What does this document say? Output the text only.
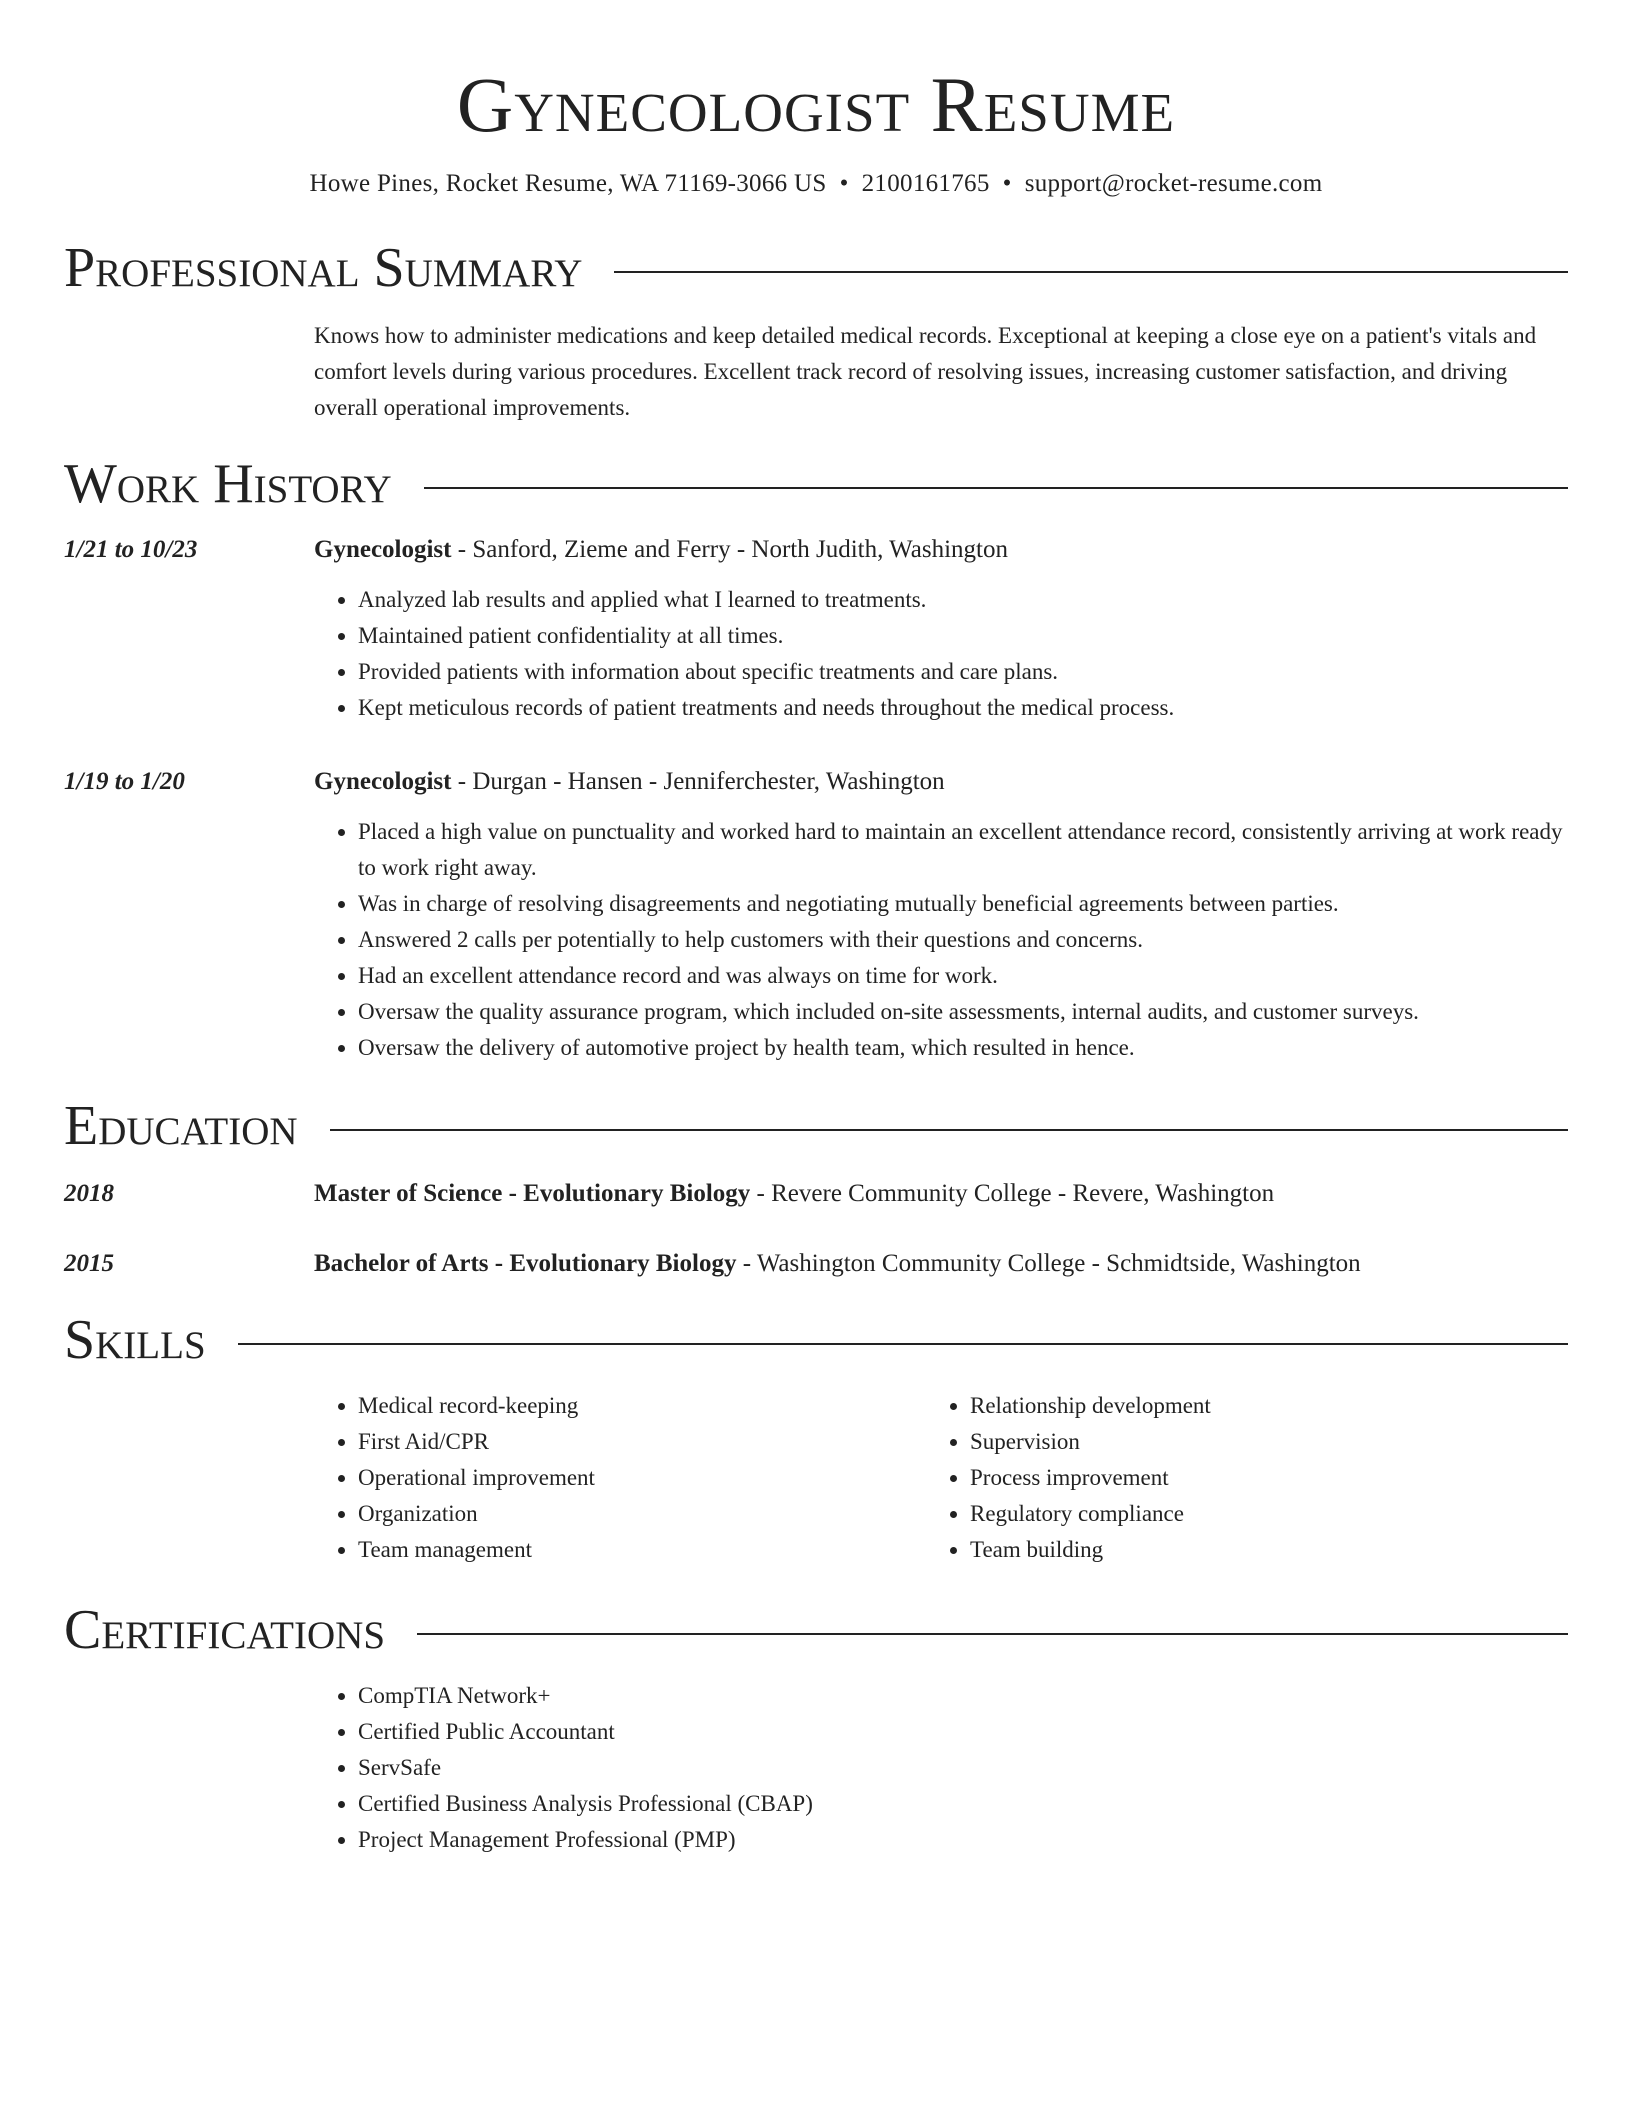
Gynecologist Resume
Howe Pines, Rocket Resume, WA 71169-3066 US • 2100161765 • support@rocket-resume.com
Professional Summary
Knows how to administer medications and keep detailed medical records. Exceptional at keeping a close eye on a patient's vitals and comfort levels during various procedures. Excellent track record of resolving issues, increasing customer satisfaction, and driving overall operational improvements.
Work History
1/21 to 10/23	Gynecologist - Sanford, Zieme and Ferry - North Judith, Washington
• Analyzed lab results and applied what I learned to treatments.
• Maintained patient confidentiality at all times.
• Provided patients with information about specific treatments and care plans.
• Kept meticulous records of patient treatments and needs throughout the medical process.
1/19 to 1/20	Gynecologist - Durgan - Hansen - Jenniferchester, Washington
• Placed a high value on punctuality and worked hard to maintain an excellent attendance record, consistently arriving at work ready to work right away.
• Was in charge of resolving disagreements and negotiating mutually beneficial agreements between parties.
• Answered 2 calls per potentially to help customers with their questions and concerns.
• Had an excellent attendance record and was always on time for work.
• Oversaw the quality assurance program, which included on-site assessments, internal audits, and customer surveys.
• Oversaw the delivery of automotive project by health team, which resulted in hence.
Education
2018	Master of Science - Evolutionary Biology - Revere Community College - Revere, Washington
2015	Bachelor of Arts - Evolutionary Biology - Washington Community College - Schmidtside, Washington
Skills
• Medical record-keeping
• First Aid/CPR
• Operational improvement
• Organization
• Team management
• Relationship development
• Supervision
• Process improvement
• Regulatory compliance
• Team building
Certifications
• CompTIA Network+
• Certified Public Accountant
• ServSafe
• Certified Business Analysis Professional (CBAP)
• Project Management Professional (PMP)
